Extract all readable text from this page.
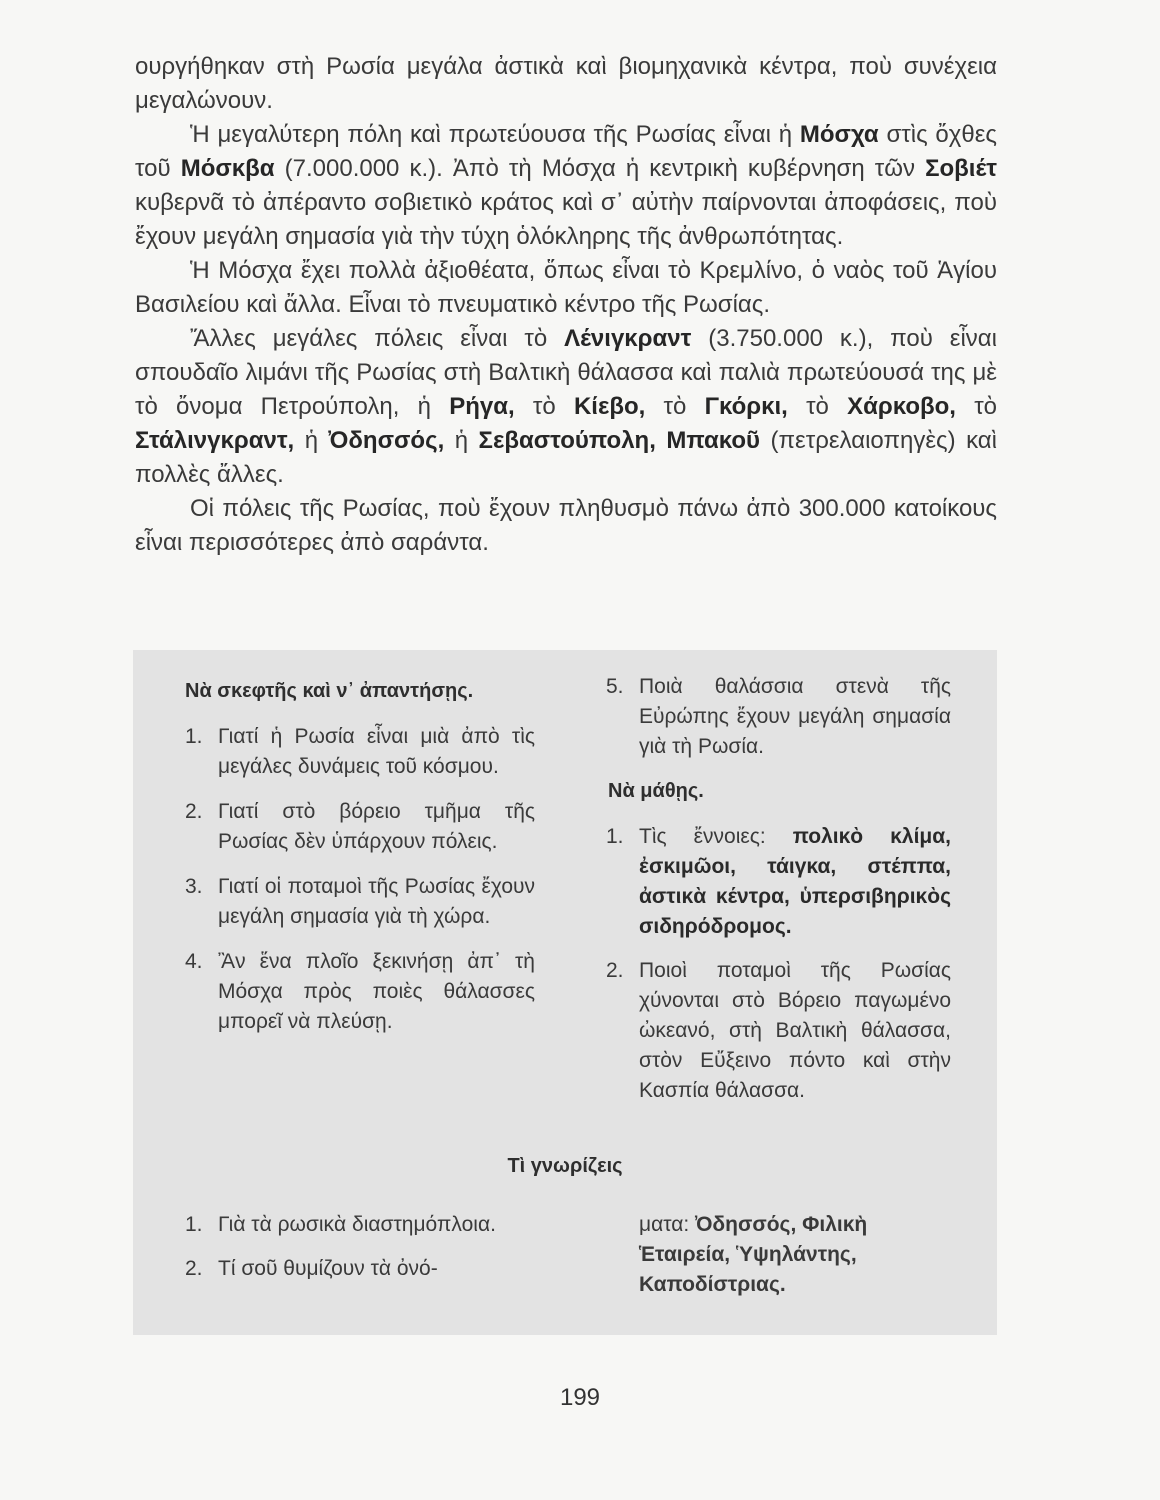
ουργήθηκαν στὴ Ρωσία μεγάλα ἀστικὰ καὶ βιομηχανικὰ κέντρα, ποὺ συνέχεια μεγαλώνουν.

Ἡ μεγαλύτερη πόλη καὶ πρωτεύουσα τῆς Ρωσίας εἶναι ἡ Μόσχα στὶς ὄχθες τοῦ Μόσκβα (7.000.000 κ.). Ἀπὸ τὴ Μόσχα ἡ κεντρικὴ κυβέρνηση τῶν Σοβιέτ κυβερνᾶ τὸ ἀπέραντο σοβιετικὸ κράτος καὶ σ᾿ αὐτὴν παίρνονται ἀποφάσεις, ποὺ ἔχουν μεγάλη σημασία γιὰ τὴν τύχη ὁλόκληρης τῆς ἀνθρωπότητας.

Ἡ Μόσχα ἔχει πολλὰ ἀξιοθέατα, ὅπως εἶναι τὸ Κρεμλίνο, ὁ ναὸς τοῦ Ἁγίου Βασιλείου καὶ ἄλλα. Εἶναι τὸ πνευματικὸ κέντρο τῆς Ρωσίας.

Ἄλλες μεγάλες πόλεις εἶναι τὸ Λένιγκραντ (3.750.000 κ.), ποὺ εἶναι σπουδαῖο λιμάνι τῆς Ρωσίας στὴ Βαλτικὴ θάλασσα καὶ παλιὰ πρωτεύουσά της μὲ τὸ ὄνομα Πετρούπολη, ἡ Ρήγα, τὸ Κίεβο, τὸ Γκόρκι, τὸ Χάρκοβο, τὸ Στάλινγκραντ, ἡ Ὀδησσός, ἡ Σεβαστούπολη, Μπακοῦ (πετρελαιοπηγὲς) καὶ πολλὲς ἄλλες.

Οἱ πόλεις τῆς Ρωσίας, ποὺ ἔχουν πληθυσμὸ πάνω ἀπὸ 300.000 κατοίκους εἶναι περισσότερες ἀπὸ σαράντα.

Νὰ σκεφτῆς καὶ ν᾿ ἀπαντήσῃς.
1. Γιατί ἡ Ρωσία εἶναι μιὰ ἀπὸ τὶς μεγάλες δυνάμεις τοῦ κόσμου.
2. Γιατί στὸ βόρειο τμῆμα τῆς Ρωσίας δὲν ὑπάρχουν πόλεις.
3. Γιατί οἱ ποταμοὶ τῆς Ρωσίας ἔχουν μεγάλη σημασία γιὰ τὴ χώρα.
4. Ἂν ἕνα πλοῖο ξεκινήσῃ ἀπ᾿ τὴ Μόσχα πρὸς ποιὲς θάλασσες μπορεῖ νὰ πλεύσῃ.
5. Ποιὰ θαλάσσια στενὰ τῆς Εὐρώπης ἔχουν μεγάλη σημασία γιὰ τὴ Ρωσία.
Νὰ μάθῃς.
1. Τὶς ἔννοιες: πολικὸ κλίμα, ἐσκιμῶοι, τάιγκα, στέππα, ἀστικὰ κέντρα, ὑπερσιβηρικὸς σιδηρόδρομος.
2. Ποιοὶ ποταμοὶ τῆς Ρωσίας χύνονται στὸ Βόρειο παγωμένο ὠκεανό, στὴ Βαλτικὴ θάλασσα, στὸν Εὔξεινο πόντο καὶ στὴν Κασπία θάλασσα.
Τὶ γνωρίζεις
1. Γιὰ τὰ ρωσικὰ διαστημόπλοια.
2. Τί σοῦ θυμίζουν τὰ ὀνό-
ματα: Ὀδησσός, Φιλικὴ Ἑταιρεία, Ὑψηλάντης, Καποδίστριας.
199
